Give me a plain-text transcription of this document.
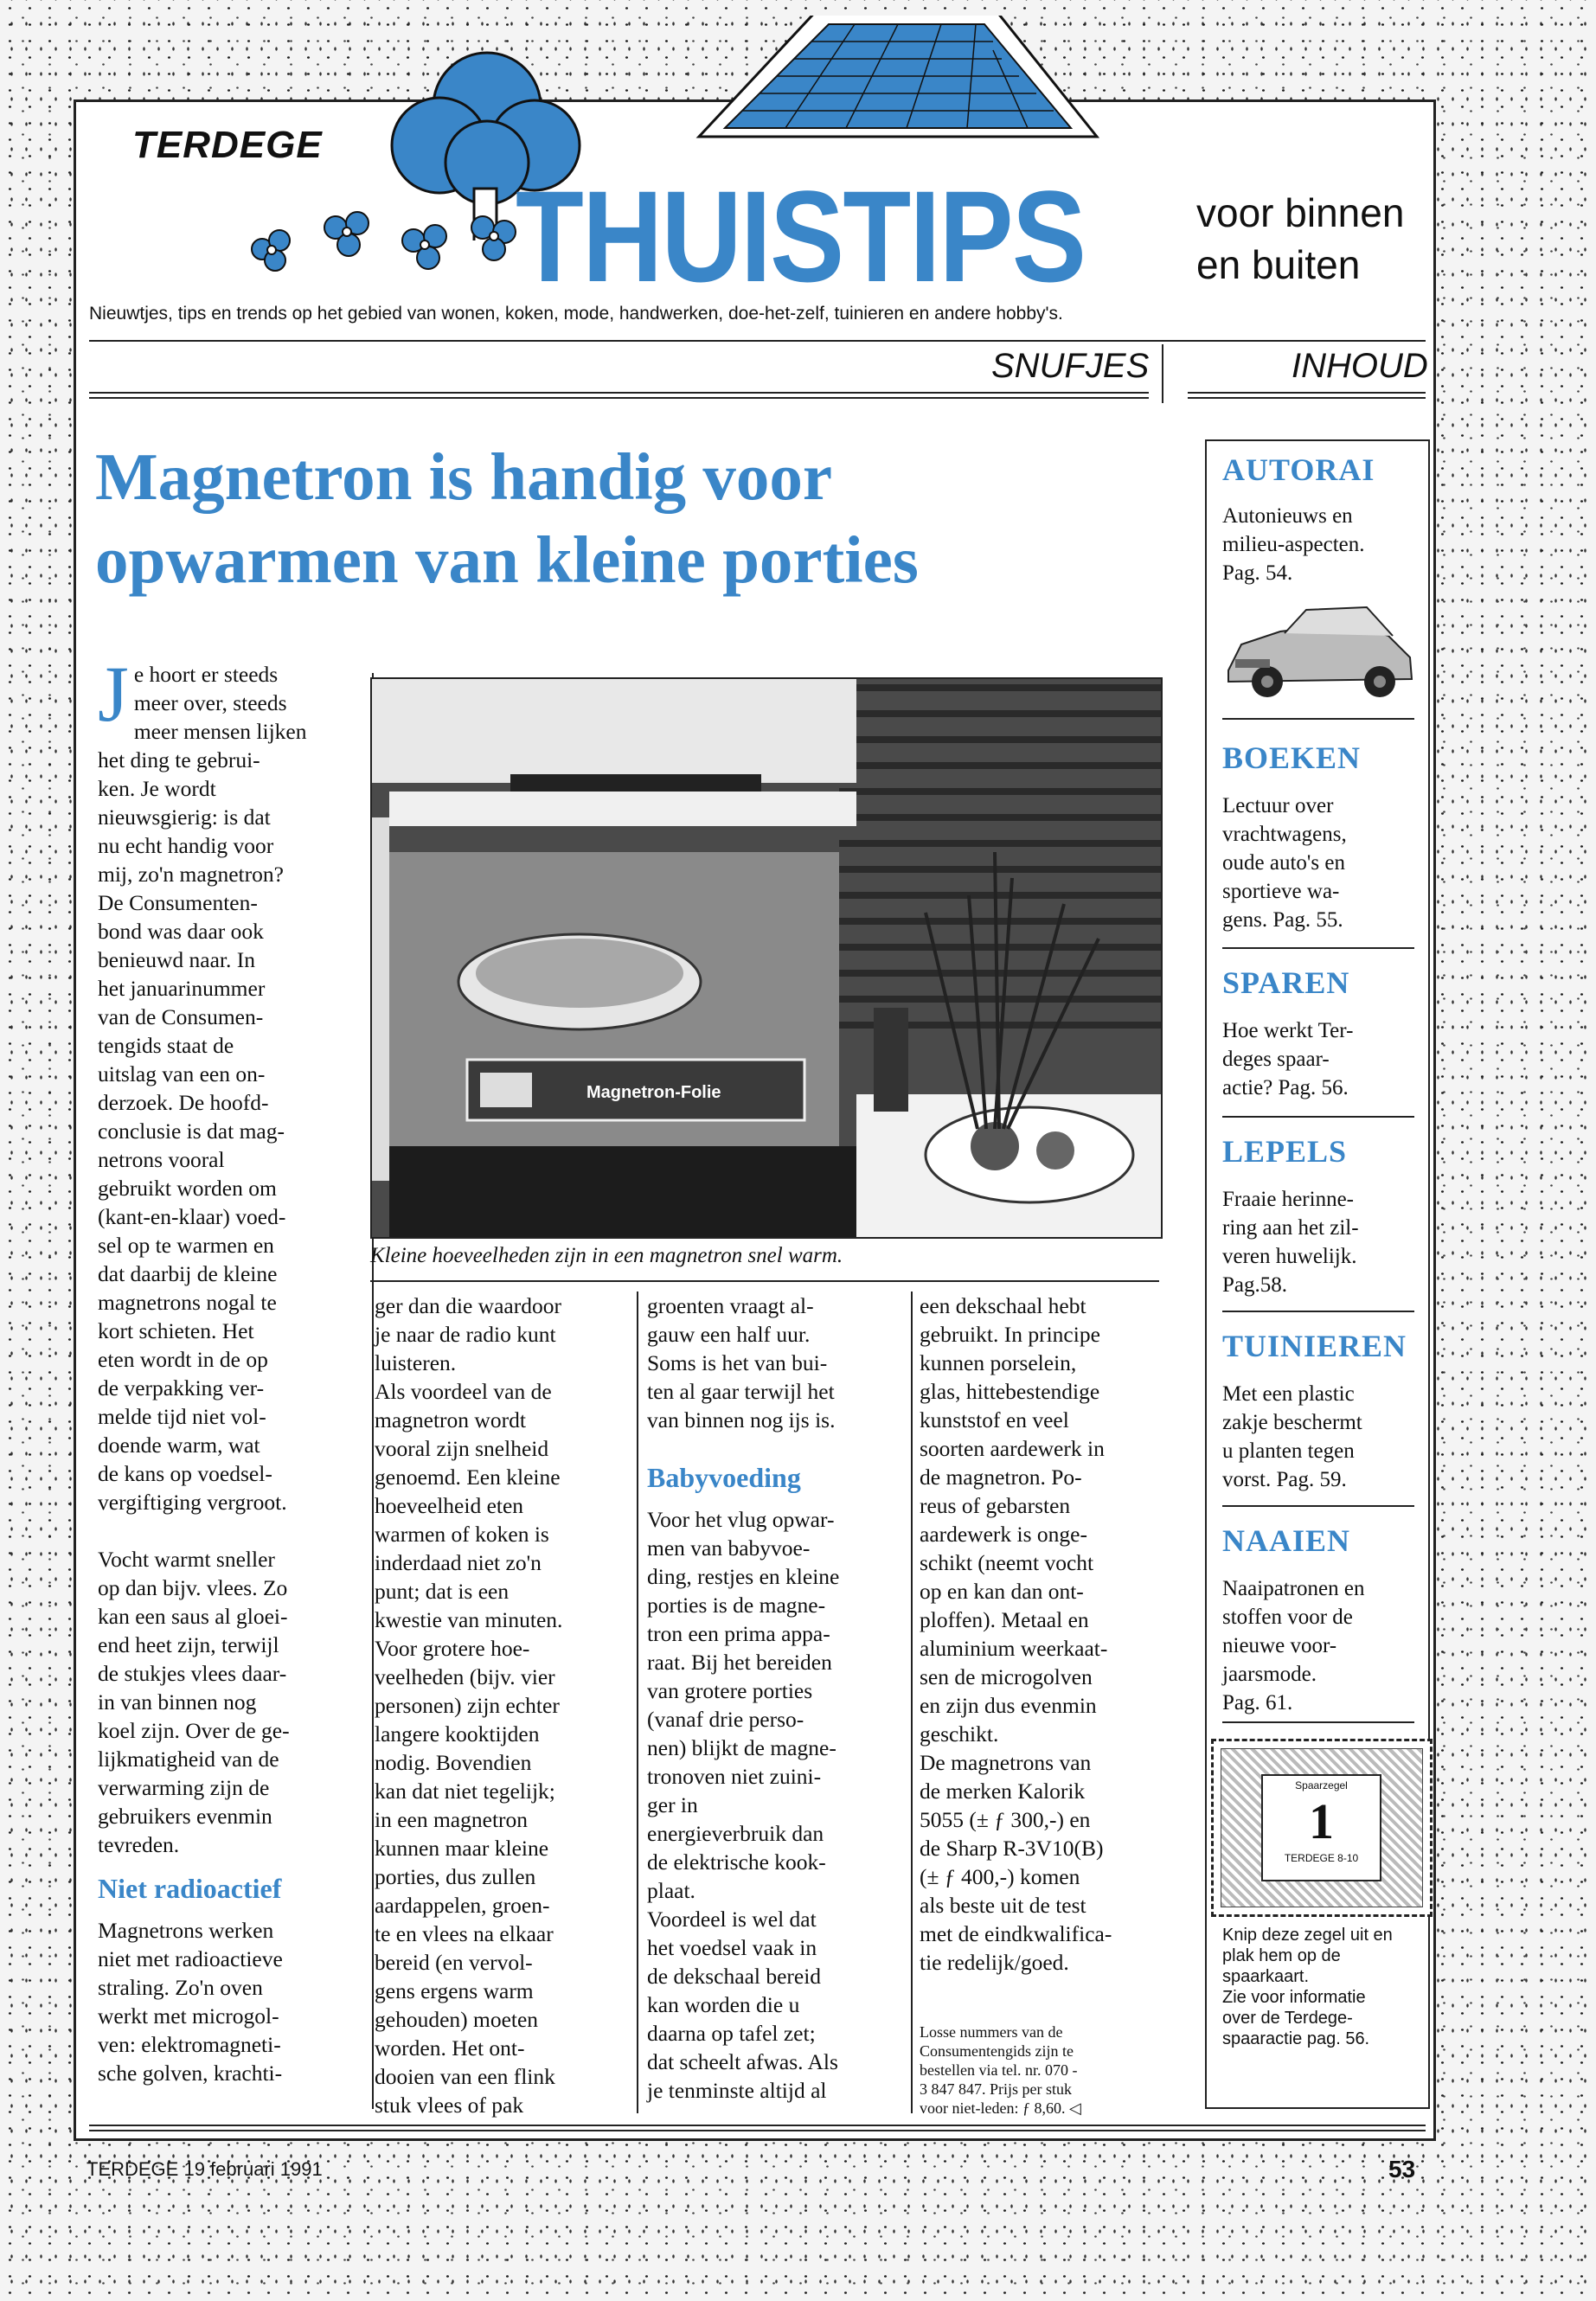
TERDEGE
THUISTIPS	voor binnen
en buiten
Nieuwtjes, tips en trends op het gebied van wonen, koken, mode, handwerken, doe-het-zelf, tuinieren en andere hobby's.
SNUFJES	INHOUD
Magnetron is handig voor
opwarmen van kleine porties
J e hoort er steeds

meer over, steeds

meer mensen lijken

het ding te gebrui-

ken. Je wordt

nieuwsgierig: is dat

nu echt handig voor

mij, zo'n magnetron?

De Consumenten-

bond was daar ook

benieuwd naar. In

het januarinummer

van de Consumen-

tengids staat de

uitslag van een on-

derzoek. De hoofd-

conclusie is dat mag-

netrons vooral

gebruikt worden om

(kant-en-klaar) voed-

sel op te warmen en

dat daarbij de kleine

magnetrons nogal te

kort schieten. Het

eten wordt in de op

de verpakking ver-

melde tijd niet vol-

doende warm, wat

de kans op voedsel-

vergiftiging vergroot.

Vocht warmt sneller

op dan bijv. vlees. Zo

kan een saus al gloei-

end heet zijn, terwijl

de stukjes vlees daar-

in van binnen nog

koel zijn. Over de ge-

lijkmatigheid van de

verwarming zijn de

gebruikers evenmin

tevreden.

Niet radioactief

Magnetrons werken

niet met radioactieve

straling. Zo'n oven

werkt met microgol-

ven: elektromagneti-

sche golven, krachti-

Magnetron-Folie
Kleine hoeveelheden zijn in een magnetron snel warm.

ger dan die waardoor

je naar de radio kunt

luisteren.

Als voordeel van de

magnetron wordt

vooral zijn snelheid

genoemd. Een kleine

hoeveelheid eten

warmen of koken is

inderdaad niet zo'n

punt; dat is een

kwestie van minuten.

Voor grotere hoe-

veelheden (bijv. vier

personen) zijn echter

langere kooktijden

nodig. Bovendien

kan dat niet tegelijk;

in een magnetron

kunnen maar kleine

porties, dus zullen

aardappelen, groen-

te en vlees na elkaar

bereid (en vervol-

gens ergens warm

gehouden) moeten

worden. Het ont-

dooien van een flink

stuk vlees of pak

groenten vraagt al-

gauw een half uur.

Soms is het van bui-

ten al gaar terwijl het

van binnen nog ijs is.

Babyvoeding

Voor het vlug opwar-

men van babyvoe-

ding, restjes en kleine

porties is de magne-

tron een prima appa-

raat. Bij het bereiden

van grotere porties

(vanaf drie perso-

nen) blijkt de magne-

tronoven niet zuini-

ger in

energieverbruik dan

de elektrische kook-

plaat.

Voordeel is wel dat

het voedsel vaak in

de dekschaal bereid

kan worden die u

daarna op tafel zet;

dat scheelt afwas. Als

je tenminste altijd al

een dekschaal hebt

gebruikt. In principe

kunnen porselein,

glas, hittebestendige

kunststof en veel

soorten aardewerk in

de magnetron. Po-

reus of gebarsten

aardewerk is onge-

schikt (neemt vocht

op en kan dan ont-

ploffen). Metaal en

aluminium weerkaat-

sen de microgolven

en zijn dus evenmin

geschikt.

De magnetrons van

de merken Kalorik

5055 (± ƒ 300,-) en

de Sharp R-3V10(B)

(± ƒ 400,-) komen

als beste uit de test

met de eindkwalifica-

tie redelijk/goed.

Losse nummers van de

Consumentengids zijn te

bestellen via tel. nr. 070 -

3 847 847. Prijs per stuk

voor niet-leden: ƒ 8,60. ◁

AUTORAI
Autonieuws en
milieu-aspecten.
Pag. 54.
BOEKEN
Lectuur over
vrachtwagens,
oude auto's en
sportieve wa-
gens. Pag. 55.
SPAREN
Hoe werkt Ter-
deges spaar-
actie? Pag. 56.
LEPELS
Fraaie herinne-
ring aan het zil-
veren huwelijk.
Pag.58.
TUINIEREN
Met een plastic
zakje beschermt
u planten tegen
vorst. Pag. 59.
NAAIEN
Naaipatronen en
stoffen voor de
nieuwe voor-
jaarsmode.
Pag. 61.
Spaarzegel
1
TERDEGE 8-10
Knip deze zegel uit en
plak hem op de
spaarkaart.
Zie voor informatie
over de Terdege-
spaaractie pag. 56.
TERDEGE 19 februari 1991	53
